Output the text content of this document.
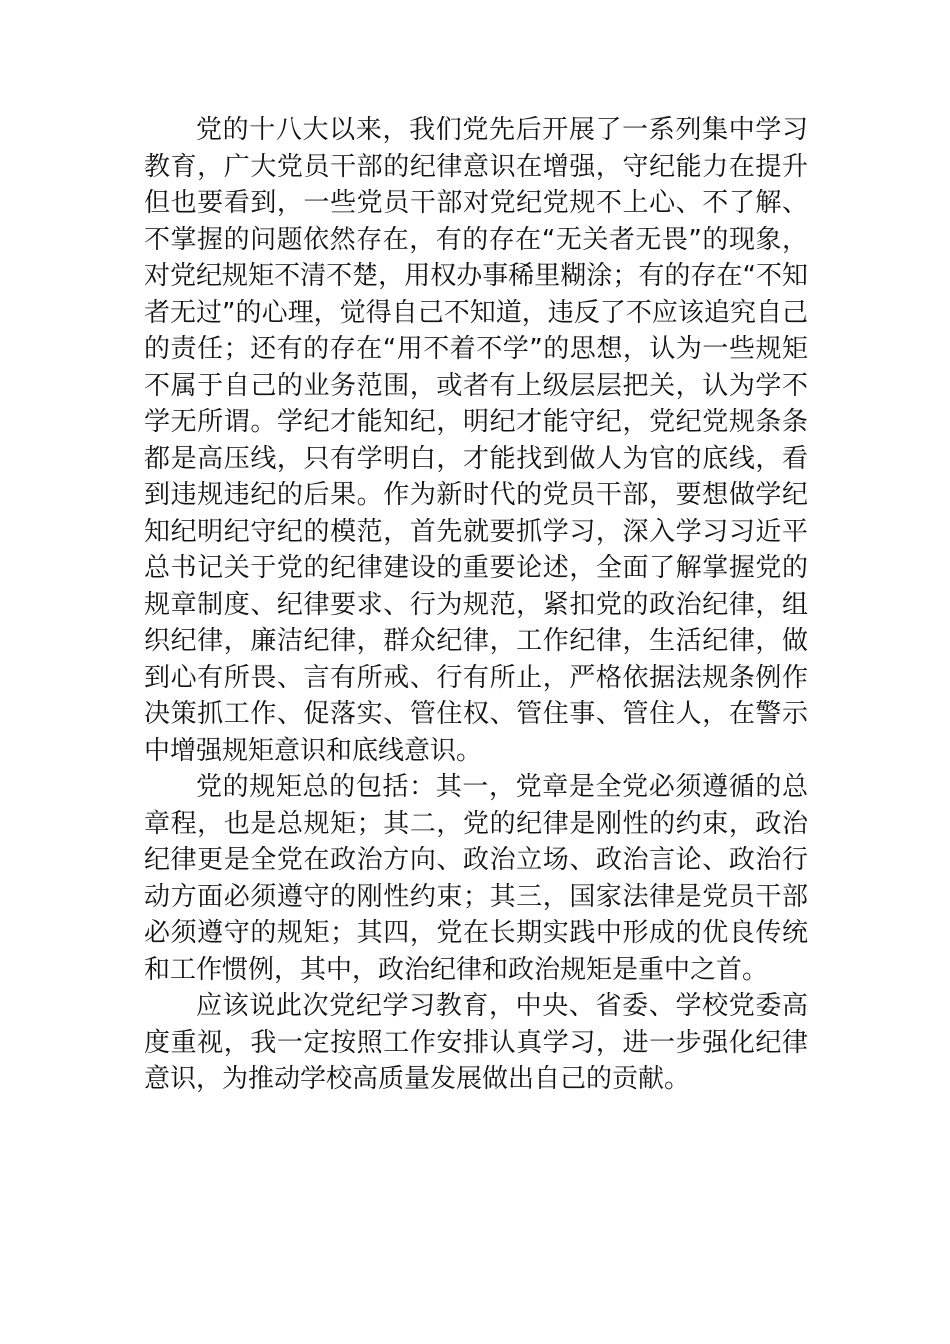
党的十八大以来，我们党先后开展了一系列集中学习教育，广大党员干部的纪律意识在增强，守纪能力在提升但也要看到，一些党员干部对党纪党规不上心、不了解、不掌握的问题依然存在，有的存在“无关者无畏”的现象，对党纪规矩不清不楚，用权办事稀里糊涂；有的存在“不知者无过”的心理，觉得自己不知道，违反了不应该追究自己的责任；还有的存在“用不着不学”的思想，认为一些规矩不属于自己的业务范围，或者有上级层层把关，认为学不学无所谓。学纪才能知纪，明纪才能守纪，党纪党规条条都是高压线，只有学明白，才能找到做人为官的底线，看到违规违纪的后果。作为新时代的党员干部，要想做学纪知纪明纪守纪的模范，首先就要抓学习，深入学习习近平总书记关于党的纪律建设的重要论述，全面了解掌握党的规章制度、纪律要求、行为规范，紧扣党的政治纪律，组织纪律，廉洁纪律，群众纪律，工作纪律，生活纪律，做到心有所畏、言有所戒、行有所止，严格依据法规条例作决策抓工作、促落实、管住权、管住事、管住人，在警示中增强规矩意识和底线意识。

党的规矩总的包括：其一，党章是全党必须遵循的总章程，也是总规矩；其二，党的纪律是刚性的约束，政治纪律更是全党在政治方向、政治立场、政治言论、政治行动方面必须遵守的刚性约束；其三，国家法律是党员干部必须遵守的规矩；其四，党在长期实践中形成的优良传统和工作惯例，其中，政治纪律和政治规矩是重中之首。

应该说此次党纪学习教育，中央、省委、学校党委高度重视，我一定按照工作安排认真学习，进一步强化纪律意识，为推动学校高质量发展做出自己的贡献。
